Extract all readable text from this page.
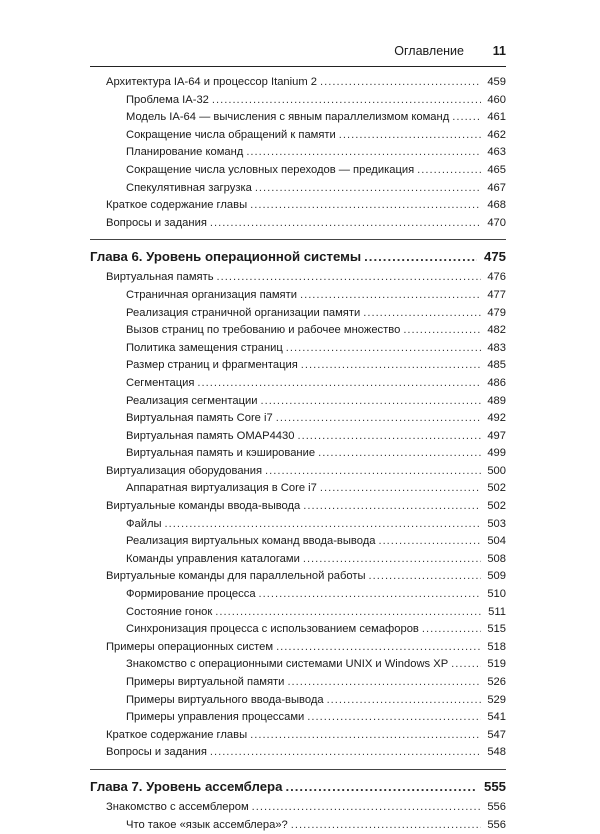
Оглавление 11
Архитектура IA-64 и процессор Itanium 2 .....	459
Проблема IA-32 .....	460
Модель IA-64 — вычисления с явным параллелизмом команд .....	461
Сокращение числа обращений к памяти .....	462
Планирование команд .....	463
Сокращение числа условных переходов — предикация .....	465
Спекулятивная загрузка .....	467
Краткое содержание главы .....	468
Вопросы и задания .....	470
Глава 6. Уровень операционной системы .....	475
Виртуальная память .....	476
Страничная организация памяти .....	477
Реализация страничной организации памяти .....	479
Вызов страниц по требованию и рабочее множество .....	482
Политика замещения страниц .....	483
Размер страниц и фрагментация .....	485
Сегментация .....	486
Реализация сегментации .....	489
Виртуальная память Core i7 .....	492
Виртуальная память OMAP4430 .....	497
Виртуальная память и кэширование .....	499
Виртуализация оборудования .....	500
Аппаратная виртуализация в Core i7 .....	502
Виртуальные команды ввода-вывода .....	502
Файлы .....	503
Реализация виртуальных команд ввода-вывода .....	504
Команды управления каталогами .....	508
Виртуальные команды для параллельной работы .....	509
Формирование процесса .....	510
Состояние гонок .....	511
Синхронизация процесса с использованием семафоров .....	515
Примеры операционных систем .....	518
Знакомство с операционными системами UNIX и Windows XP .....	519
Примеры виртуальной памяти .....	526
Примеры виртуального ввода-вывода .....	529
Примеры управления процессами .....	541
Краткое содержание главы .....	547
Вопросы и задания .....	548
Глава 7. Уровень ассемблера .....	555
Знакомство с ассемблером .....	556
Что такое «язык ассемблера»? .....	556
